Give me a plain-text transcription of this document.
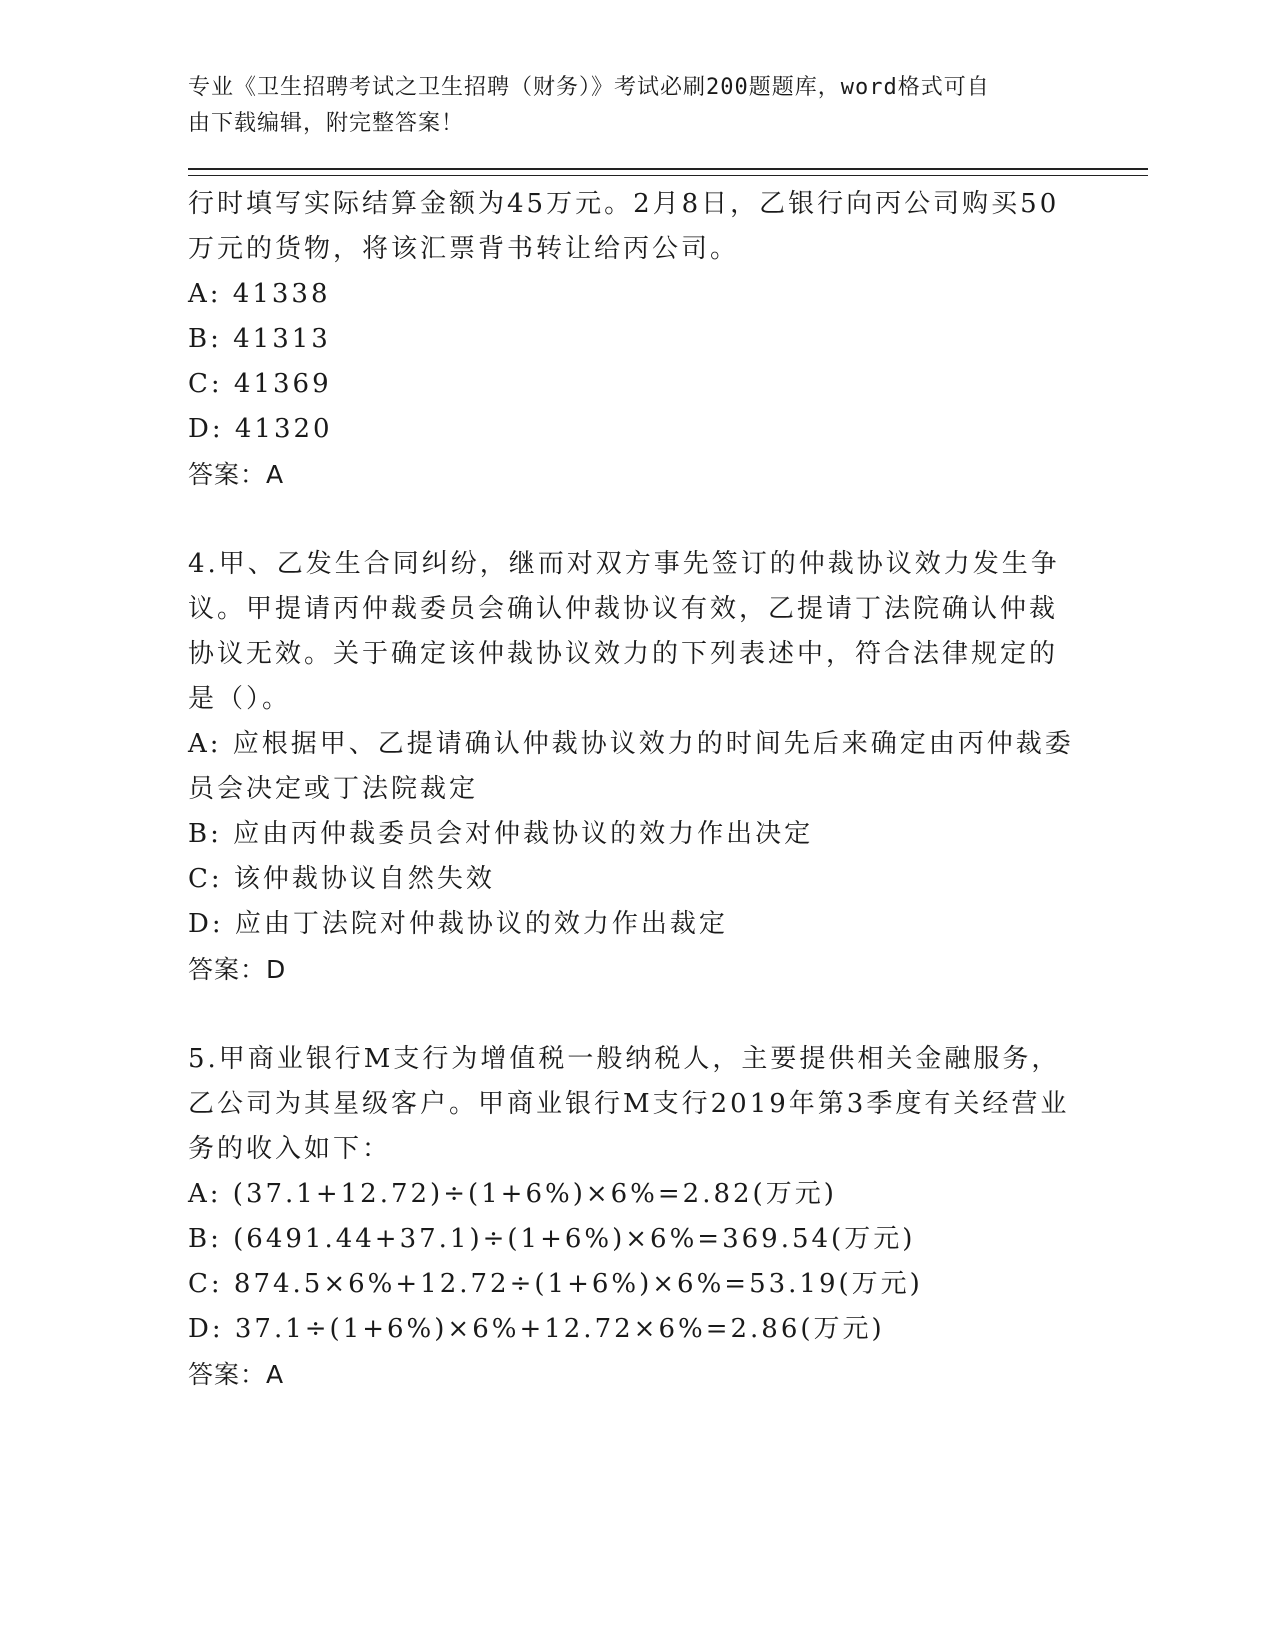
专业《卫生招聘考试之卫生招聘（财务）》考试必刷200题题库，word格式可自
由下载编辑，附完整答案！
行时填写实际结算金额为45万元。2月8日，乙银行向丙公司购买50
万元的货物，将该汇票背书转让给丙公司。
A: 41338
B: 41313
C: 41369
D: 41320
答案：A
4.甲、乙发生合同纠纷，继而对双方事先签订的仲裁协议效力发生争
议。甲提请丙仲裁委员会确认仲裁协议有效，乙提请丁法院确认仲裁
协议无效。关于确定该仲裁协议效力的下列表述中，符合法律规定的
是（）。
A: 应根据甲、乙提请确认仲裁协议效力的时间先后来确定由丙仲裁委
员会决定或丁法院裁定
B: 应由丙仲裁委员会对仲裁协议的效力作出决定
C: 该仲裁协议自然失效
D: 应由丁法院对仲裁协议的效力作出裁定
答案：D
5.甲商业银行M支行为增值税一般纳税人，主要提供相关金融服务，
乙公司为其星级客户。甲商业银行M支行2019年第3季度有关经营业
务的收入如下：
A: (37.1+12.72)÷(1+6%)×6%=2.82(万元)
B: (6491.44+37.1)÷(1+6%)×6%=369.54(万元)
C: 874.5×6%+12.72÷(1+6%)×6%=53.19(万元)
D: 37.1÷(1+6%)×6%+12.72×6%=2.86(万元)
答案：A
